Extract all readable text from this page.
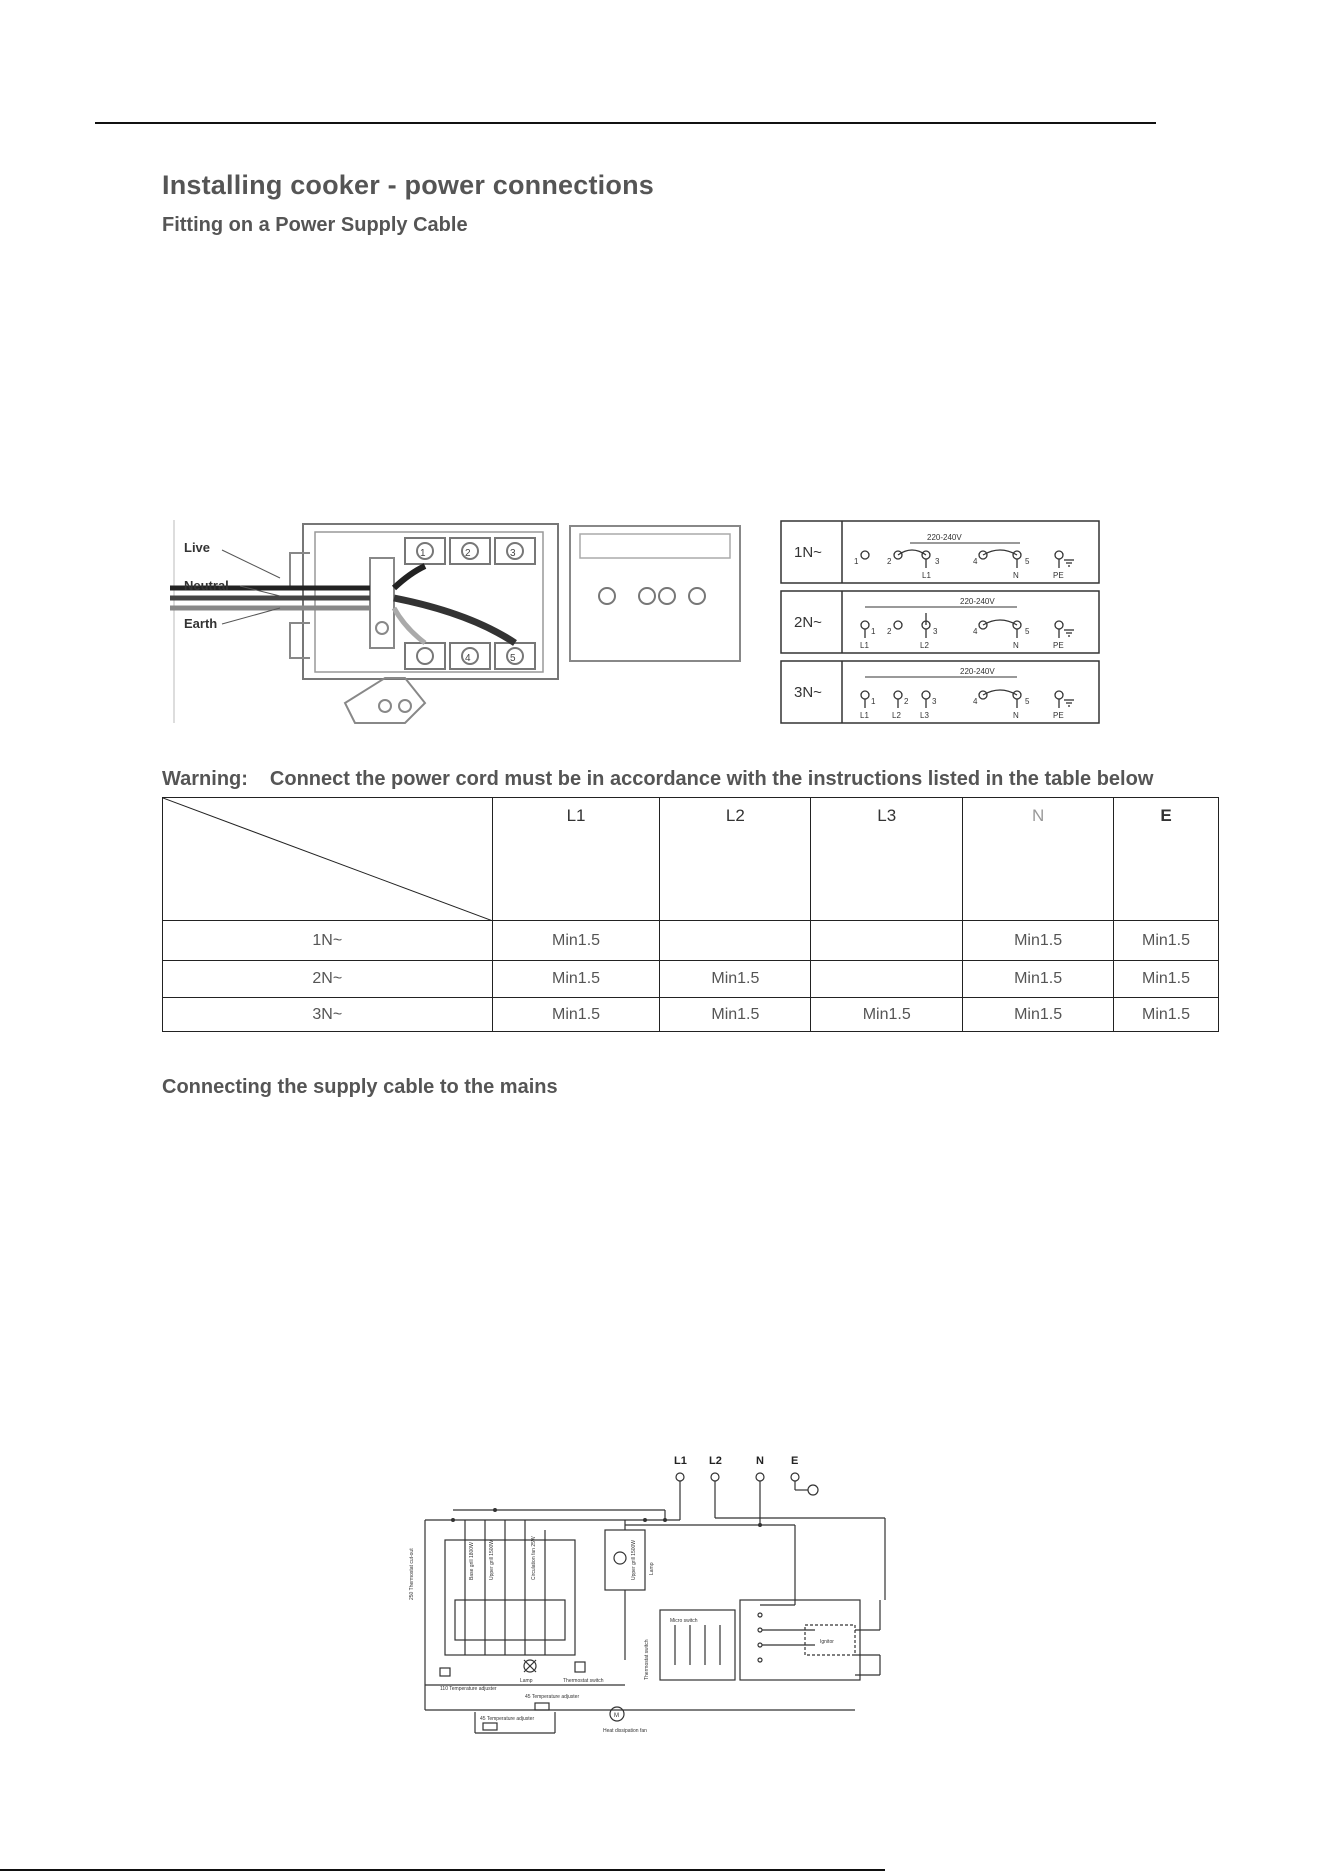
Installing cooker - power connections
Fitting on a Power Supply Cable
1	2	3
4	5
Live
Neutral
Earth
1N~
220-240V
1	2	3	4	5
L1	N	PE
2N~
220-240V
1 2	3	4	5
L1	L2	N	PE
3N~
220-240V
1	2	3	4	5
L1	L2 L3	N	PE
Warning: Connect the power cord must be in accordance with the instructions listed in the table below
	L1	L2	L3	N	E
1N~	Min1.5			Min1.5	Min1.5
2N~	Min1.5	Min1.5		Min1.5	Min1.5
3N~	Min1.5	Min1.5	Min1.5	Min1.5	Min1.5
Connecting the supply cable to the mains
L1 L2	N E
110 Temperature adjuster
Lamp	Thermostat switch
45 Temperature adjuster
45 Temperature adjuster	M
Heat dissipation fan
Micro switch
Ignitor
250 Thermostat cut-out	Upper grill 1500W
Base grill 1800W	Upper grill 1500W	Circulation fan 25W
Thermostat switch
Lamp
